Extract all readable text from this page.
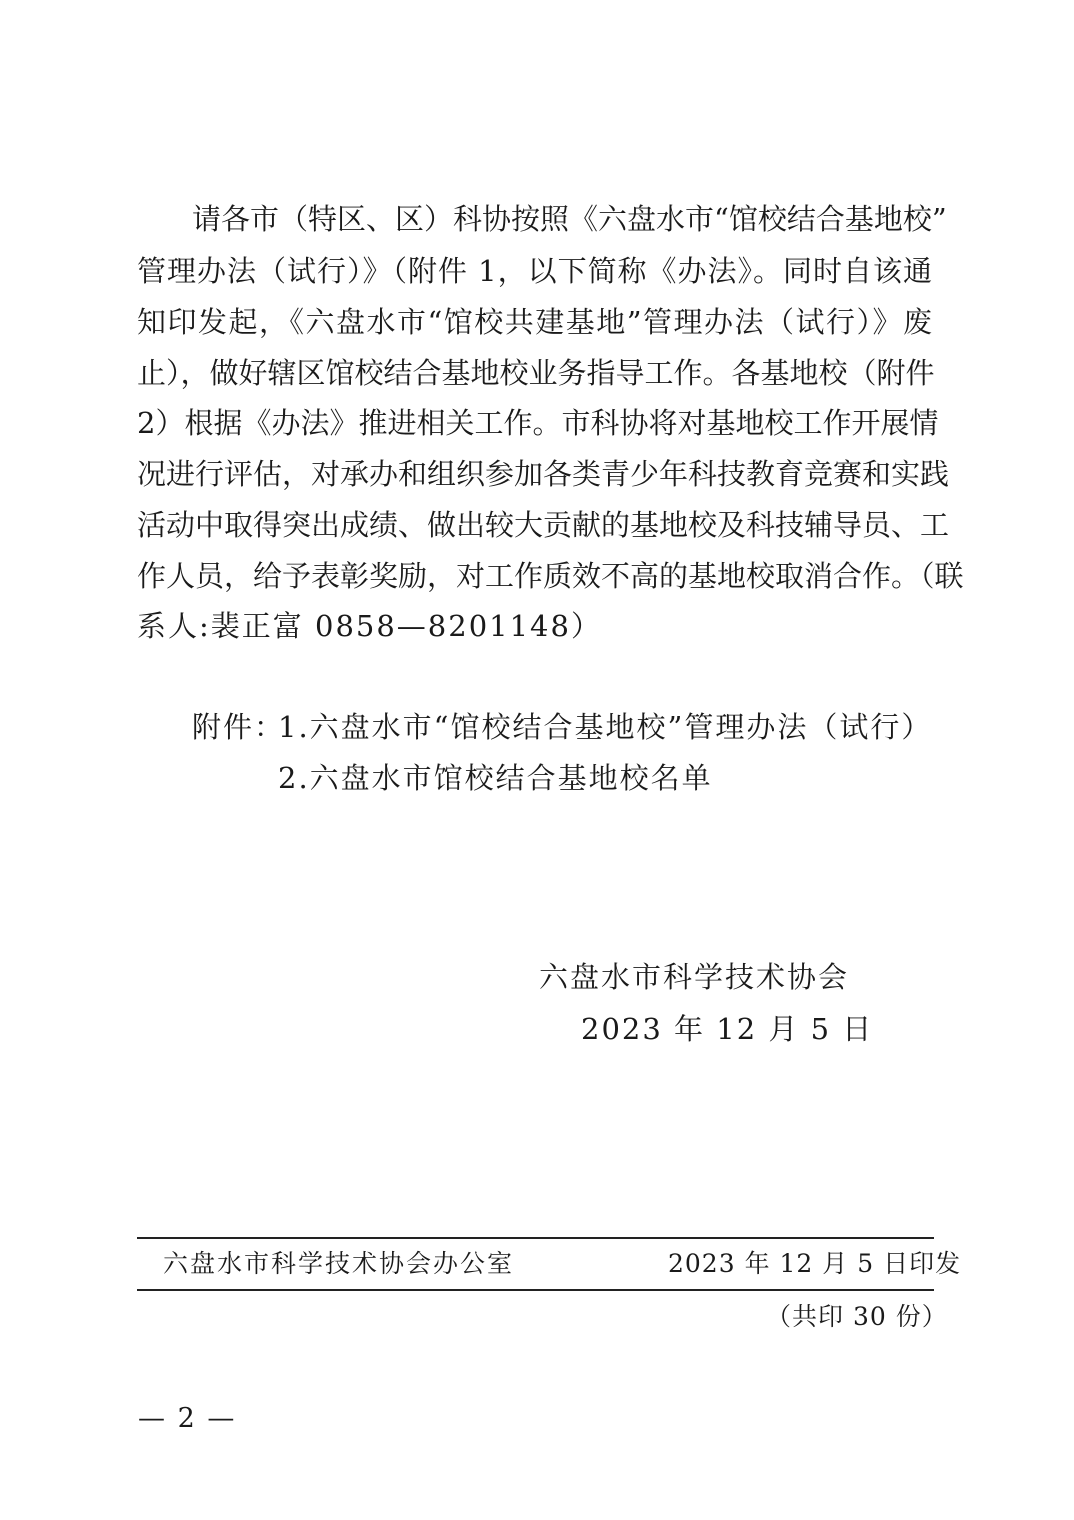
请各市（特区、区）科协按照《六盘水市“馆校结合基地校”
管理办法（试行）》（附件 1，以下简称《办法》。同时自该通
知印发起，《六盘水市“馆校共建基地”管理办法（试行）》废
止），做好辖区馆校结合基地校业务指导工作。各基地校（附件
2）根据《办法》推进相关工作。市科协将对基地校工作开展情
况进行评估，对承办和组织参加各类青少年科技教育竞赛和实践
活动中取得突出成绩、做出较大贡献的基地校及科技辅导员、工
作人员，给予表彰奖励，对工作质效不高的基地校取消合作。（联
系人:裴正富 0858—8201148）
附件：
1.六盘水市“馆校结合基地校”管理办法（试行）
2.六盘水市馆校结合基地校名单
六盘水市科学技术协会
2023 年 12 月 5 日
六盘水市科学技术协会办公室	2023 年 12 月 5 日印发
（共印 30 份）
— 2 —
